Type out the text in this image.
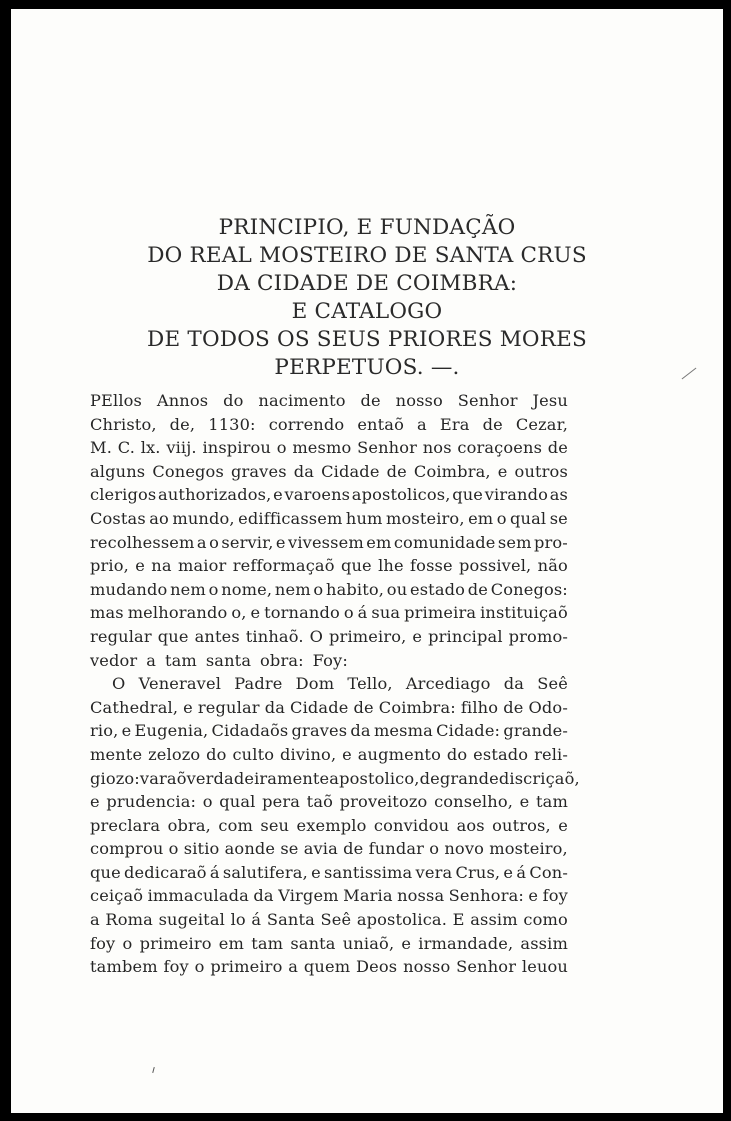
PRINCIPIO, E FUNDAÇÃO
DO REAL MOSTEIRO DE SANTA CRUS
DA CIDADE DE COIMBRA:
E CATALOGO
DE TODOS OS SEUS PRIORES MORES
PERPETUOS. —.
PEllos Annos do nacimento de nosso Senhor Jesu
Christo, de, 1130: correndo entaõ a Era de Cezar,
M. C. lx. viij. inspirou o mesmo Senhor nos coraçoens de
alguns Conegos graves da Cidade de Coimbra, e outros
clerigos authorizados, e varoens apostolicos, que virando as
Costas ao mundo, edifficassem hum mosteiro, em o qual se
recolhessem a o servir, e vivessem em comunidade sem pro-
prio, e na maior refformaçaõ que lhe fosse possivel, não
mudando nem o nome, nem o habito, ou estado de Conegos:
mas melhorando o, e tornando o á sua primeira instituiçaõ
regular que antes tinhaõ. O primeiro, e principal promo-
vedor a tam santa obra: Foy:
O Veneravel Padre Dom Tello, Arcediago da Seê
Cathedral, e regular da Cidade de Coimbra: filho de Odo-
rio, e Eugenia, Cidadaõs graves da mesma Cidade: grande-
mente zelozo do culto divino, e augmento do estado reli-
giozo: varaõ verdadeiramente apostolico, de grande discriçaõ,
e prudencia: o qual pera taõ proveitozo conselho, e tam
preclara obra, com seu exemplo convidou aos outros, e
comprou o sitio aonde se avia de fundar o novo mosteiro,
que dedicaraõ á salutifera, e santissima vera Crus, e á Con-
ceiçaõ immaculada da Virgem Maria nossa Senhora: e foy
a Roma sugeital lo á Santa Seê apostolica. E assim como
foy o primeiro em tam santa uniaõ, e irmandade, assim
tambem foy o primeiro a quem Deos nosso Senhor leuou
